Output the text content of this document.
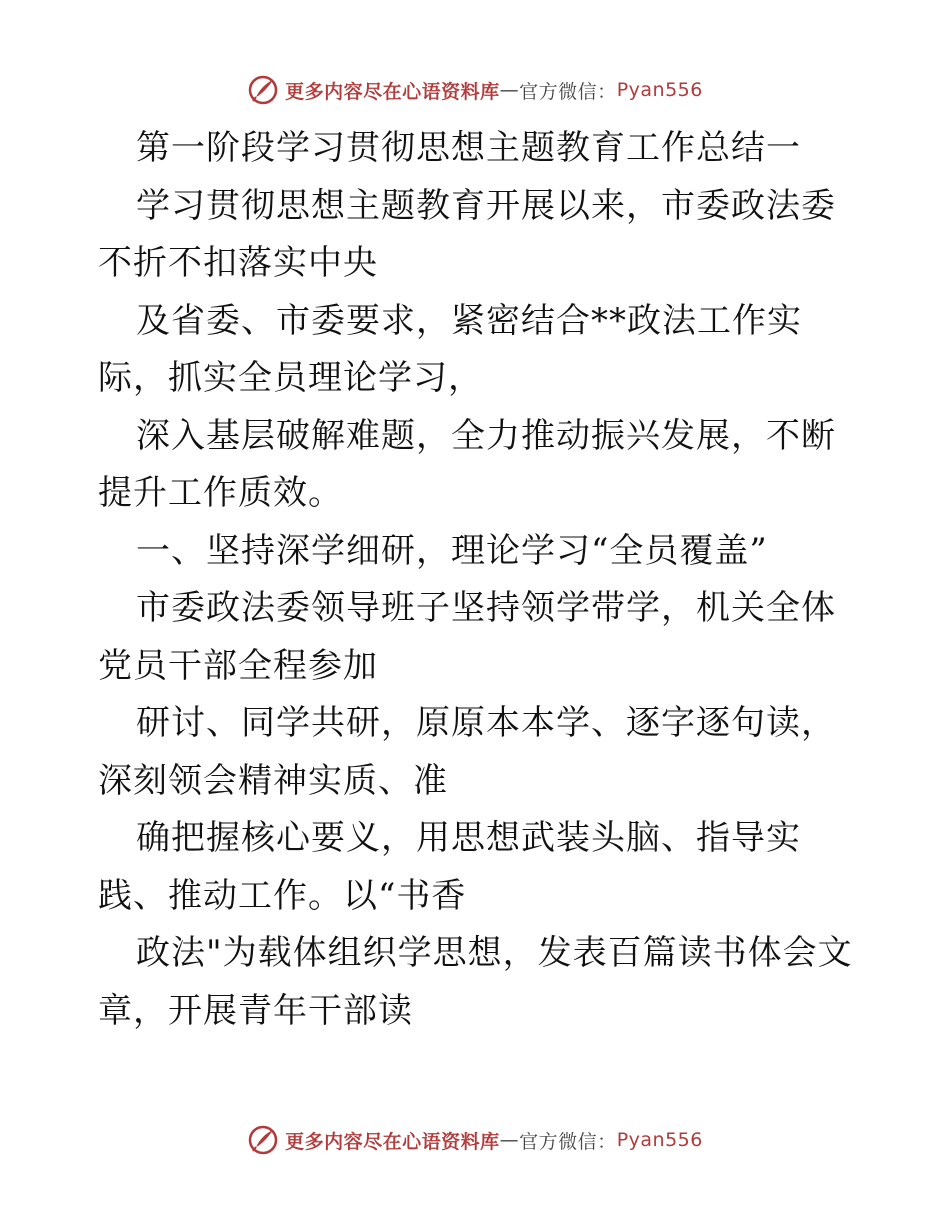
更多内容尽在心语资料库 — 官方微信： Pyan556

第一阶段学习贯彻思想主题教育工作总结一

学习贯彻思想主题教育开展以来，市委政法委不折不扣落实中央

及省委、市委要求，紧密结合**政法工作实际，抓实全员理论学习，

深入基层破解难题，全力推动振兴发展，不断提升工作质效。

一、坚持深学细研，理论学习“全员覆盖”

市委政法委领导班子坚持领学带学，机关全体党员干部全程参加

研讨、同学共研，原原本本学、逐字逐句读，深刻领会精神实质、准

确把握核心要义，用思想武装头脑、指导实践、推动工作。以“书香

政法"为载体组织学思想，发表百篇读书体会文章，开展青年干部读

更多内容尽在心语资料库 — 官方微信： Pyan556
